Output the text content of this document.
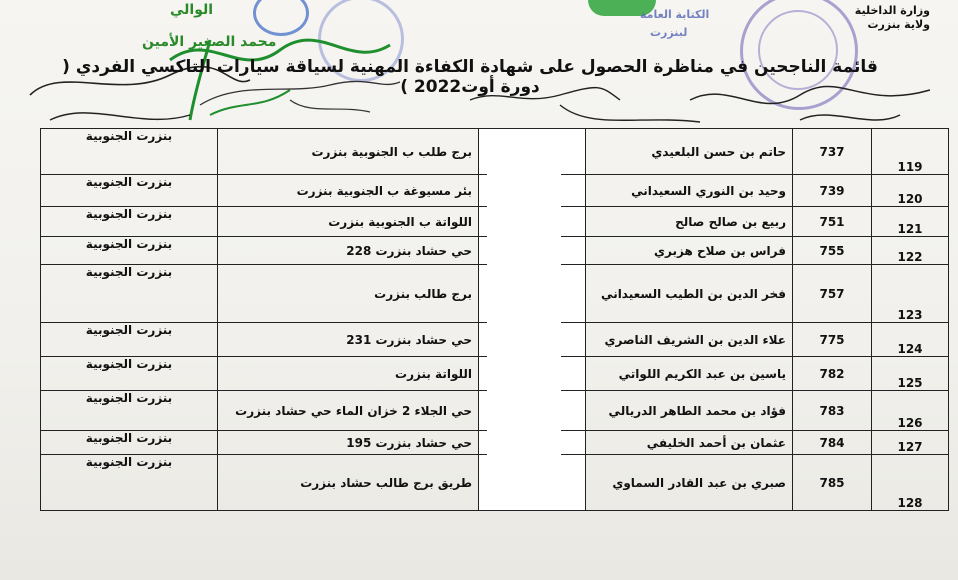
الكتابة العامة
لبنزرت
الوالي
محمد الصغير الأمين
وزارة الداخلية
ولاية بنزرت
قائمة الناجحين في مناظرة الحصول على شهادة الكفاءة المهنية لسياقة سيارات التاكسي الفردي ( دورة أوت2022 )
119	737	حاتم بن حسن البلعيدي		برج طلب ب الجنوبية بنزرت	بنزرت الجنوبية
120	739	وحيد بن النوري السعيداني		بئر مسيوغة ب الجنوبية بنزرت	بنزرت الجنوبية
121	751	ربيع بن صالح صالح		اللواتة ب الجنوبية بنزرت	بنزرت الجنوبية
122	755	فراس بن صلاح هزبري		حي حشاد بنزرت 228	بنزرت الجنوبية
123	757	فخر الدين بن الطيب السعيداني		برج طالب بنزرت	بنزرت الجنوبية
124	775	علاء الدين بن الشريف الناصري		حي حشاد بنزرت 231	بنزرت الجنوبية
125	782	ياسين بن عبد الكريم اللواتي		اللواتة بنزرت	بنزرت الجنوبية
126	783	فؤاد بن محمد الطاهر الدريالي		حي الجلاء 2 خزان الماء حي حشاد بنزرت	بنزرت الجنوبية
127	784	عثمان بن أحمد الخليفي		حي حشاد بنزرت 195	بنزرت الجنوبية
128	785	صبري بن عبد القادر السماوي		طريق برج طالب حشاد بنزرت	بنزرت الجنوبية
